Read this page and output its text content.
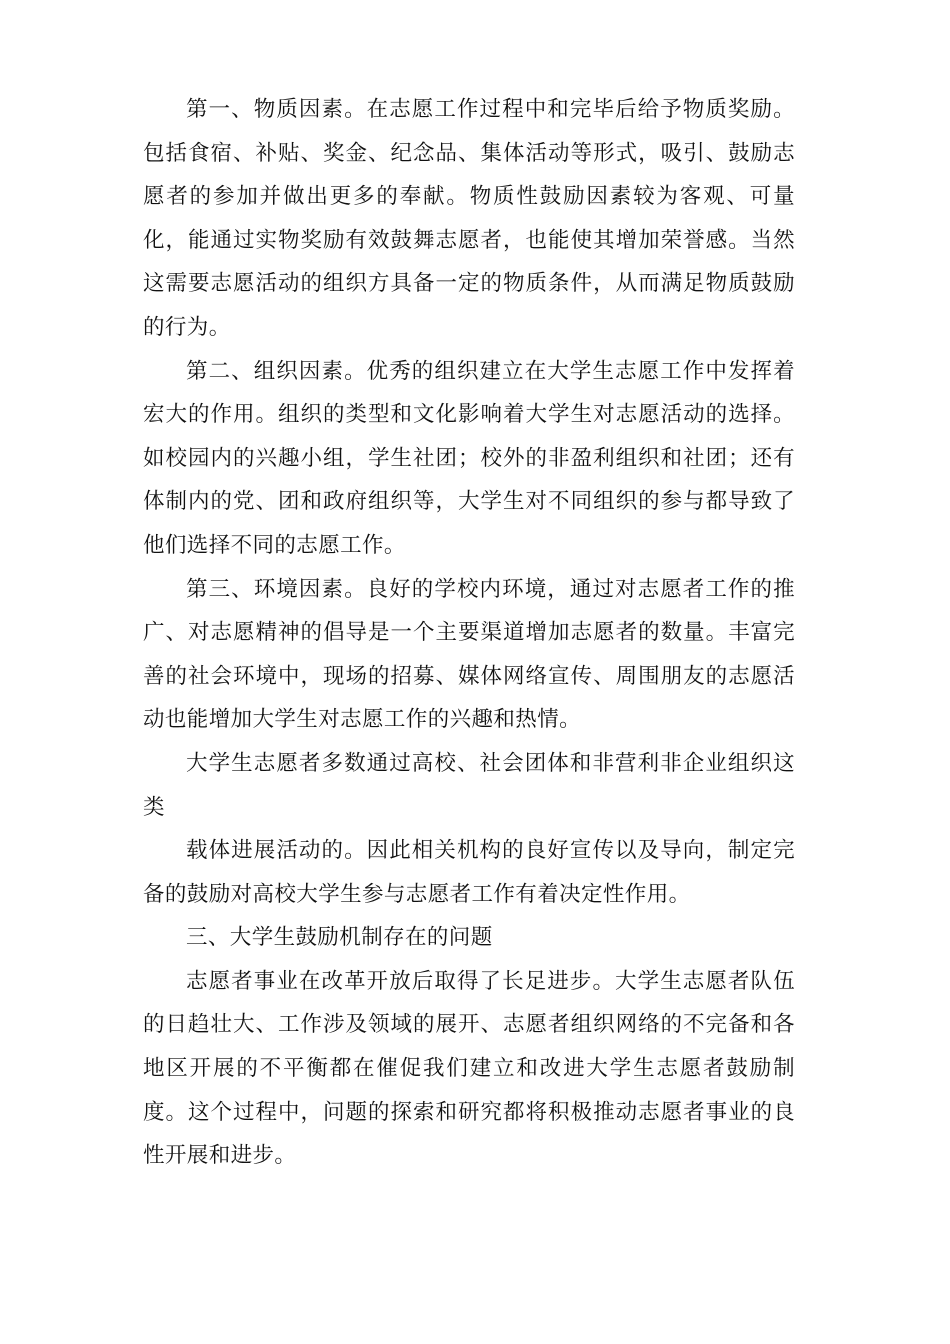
第一、物质因素。在志愿工作过程中和完毕后给予物质奖励。包括食宿、补贴、奖金、纪念品、集体活动等形式，吸引、鼓励志愿者的参加并做出更多的奉献。物质性鼓励因素较为客观、可量化，能通过实物奖励有效鼓舞志愿者，也能使其增加荣誉感。当然这需要志愿活动的组织方具备一定的物质条件，从而满足物质鼓励的行为。

第二、组织因素。优秀的组织建立在大学生志愿工作中发挥着宏大的作用。组织的类型和文化影响着大学生对志愿活动的选择。如校园内的兴趣小组，学生社团；校外的非盈利组织和社团；还有体制内的党、团和政府组织等，大学生对不同组织的参与都导致了他们选择不同的志愿工作。

第三、环境因素。良好的学校内环境，通过对志愿者工作的推广、对志愿精神的倡导是一个主要渠道增加志愿者的数量。丰富完善的社会环境中，现场的招募、媒体网络宣传、周围朋友的志愿活动也能增加大学生对志愿工作的兴趣和热情。

大学生志愿者多数通过高校、社会团体和非营利非企业组织这类

载体进展活动的。因此相关机构的良好宣传以及导向，制定完备的鼓励对高校大学生参与志愿者工作有着决定性作用。

三、大学生鼓励机制存在的问题

志愿者事业在改革开放后取得了长足进步。大学生志愿者队伍的日趋壮大、工作涉及领域的展开、志愿者组织网络的不完备和各地区开展的不平衡都在催促我们建立和改进大学生志愿者鼓励制度。这个过程中，问题的探索和研究都将积极推动志愿者事业的良性开展和进步。
